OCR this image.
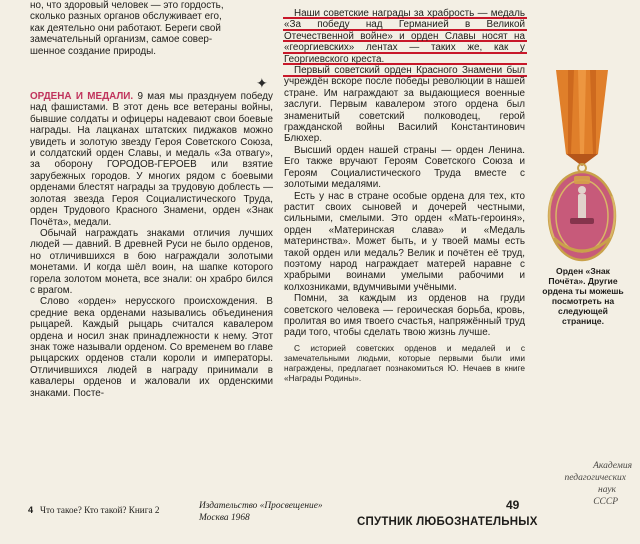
но, что здоровый человек — это гордость,
сколько разных органов обслуживает его,
как деятельно они работают. Береги свой
замечательный организм, самое совер-
шенное создание природы.

ОРДЕНА И МЕДАЛИ. 9 мая мы празднуем победу над фашистами. В этот день все ветераны войны, бывшие солдаты и офицеры надевают свои боевые награды. На лацканах штатских пиджаков можно увидеть и золотую звезду Героя Советского Союза, и солдатский орден Славы, и медаль «За отвагу», за оборону ГОРОДОВ-ГЕРОЕВ или взятие зарубежных городов. У многих рядом с боевыми орденами блестят награды за трудовую доблесть — золотая звезда Героя Социалистического Труда, орден Трудового Красного Знамени, орден «Знак Почёта», медали.

Обычай награждать знаками отличия лучших людей — давний. В древней Руси не было орденов, но отличившихся в бою награждали золотыми монетами. И когда шёл воин, на шапке которого горела золотом монета, все знали: он храбро бился с врагом.

Слово «орден» нерусского происхождения. В средние века орденами назывались объединения рыцарей. Каждый рыцарь считался кавалером ордена и носил знак принадлежности к нему. Этот знак тоже называли орденом. Со временем во главе рыцарских орденов стали короли и императоры. Отличившихся людей в награду принимали в кавалеры орденов и жаловали их орденскими знаками. Посте-

✦

Наши советские награды за храбрость — медаль «За победу над Германией в Великой Отечественной войне» и орден Славы носят на «георгиевских» лентах — таких же, как у Георгиевского креста.

Первый советский орден Красного Знамени был учреждён вскоре после победы революции в нашей стране. Им награждают за выдающиеся военные заслуги. Первым кавалером этого ордена был знаменитый советский полководец, герой гражданской войны Василий Константинович Блюхер.

Высший орден нашей страны — орден Ленина. Его также вручают Героям Советского Союза и Героям Социалистического Труда вместе с золотыми медалями.

Есть у нас в стране особые ордена для тех, кто растит своих сыновей и дочерей честными, сильными, смелыми. Это орден «Мать-героиня», орден «Материнская слава» и «Медаль материнства». Может быть, и у твоей мамы есть такой орден или медаль? Велик и почётен её труд, поэтому народ награждает матерей наравне с храбрыми воинами умелыми рабочими и колхозниками, вдумчивыми учёными.

Помни, за каждым из орденов на груди советского человека — героическая борьба, кровь, пролитая во имя твоего счастья, напряжённый труд ради того, чтобы сделать твою жизнь лучше.

С историей советских орденов и медалей и с замечательными людьми, которые первыми были ими награждены, предлагает познакомиться Ю. Нечаев в книге «Награды Родины».
Орден «Знак Почёта». Другие ордена ты можешь посмотреть на следующей странице.
Академия
педагогических
наук
СССР
4 Что такое? Кто такой? Книга 2	Издательство «Просвещение»
Москва 1968
49
СПУТНИК ЛЮБОЗНАТЕЛЬНЫХ
